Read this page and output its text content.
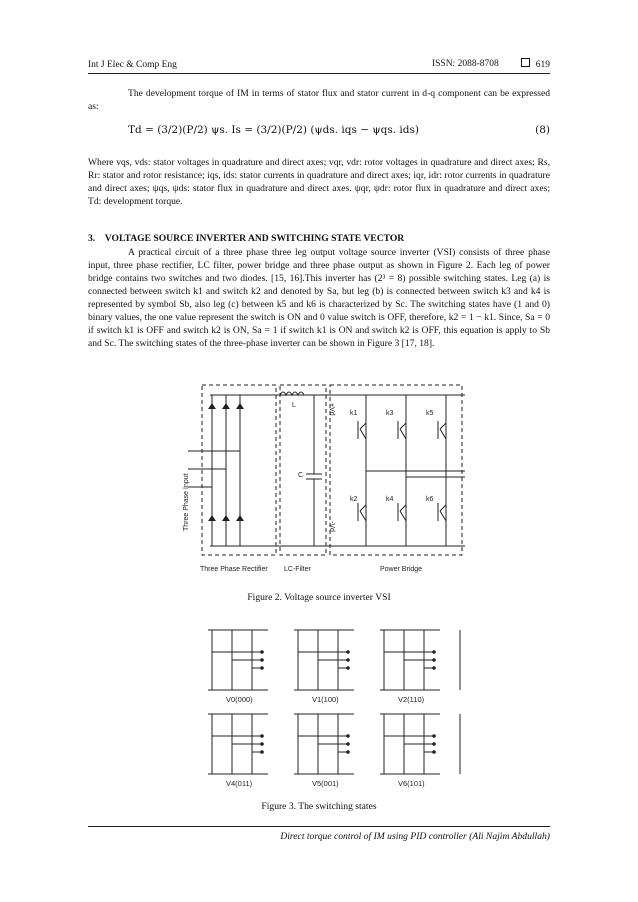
Int J Elec & Comp Eng	ISSN: 2088-8708	619
The development torque of IM in terms of stator flux and stator current in d-q component can be expressed as:
Td = (3/2)(P/2) ψs. Is = (3/2)(P/2) (ψds. iqs − ψqs. ids)	(8)
Where vqs, vds: stator voltages in quadrature and direct axes; vqr, vdr: rotor voltages in quadrature and direct axes; Rs, Rr: stator and rotor resistance; iqs, ids: stator currents in quadrature and direct axes; iqr, idr: rotor currents in quadrature and direct axes; ψqs, ψds: stator flux in quadrature and direct axes. ψqr, ψdr: rotor flux in quadrature and direct axes; Td: development torque.
3. VOLTAGE SOURCE INVERTER AND SWITCHING STATE VECTOR
A practical circuit of a three phase three leg output voltage source inverter (VSI) consists of three phase input, three phase rectifier, LC filter, power bridge and three phase output as shown in Figure 2. Each leg of power bridge contains two switches and two diodes. [15, 16].This inverter has (2³ = 8) possible switching states. Leg (a) is connected between switch k1 and switch k2 and denoted by Sa, but leg (b) is connected between switch k3 and k4 is represented by symbol Sb, also leg (c) between k5 and k6 is characterized by Sc. The switching states have (1 and 0) binary values, the one value represent the switch is ON and 0 value switch is OFF, therefore, k2 = 1 − k1. Since, Sa = 0 if switch k1 is OFF and switch k2 is ON, Sa = 1 if switch k1 is ON and switch k2 is OFF, this equation is apply to Sb and Sc. The switching states of the three-phase inverter can be shown in Figure 3 [17, 18].
L
C
k1	k3	k5
k2	k4	k6
Three Phase Rectifier LC-Filter	Power Bridge
+Vd
-Vd
Three Phase Input
Figure 2. Voltage source inverter VSI
V0(000)	V1(100)	V2(110)
V4(011)	V5(001)	V6(101)
Figure 3. The switching states
Direct torque control of IM using PID controller (Ali Najim Abdullah)
